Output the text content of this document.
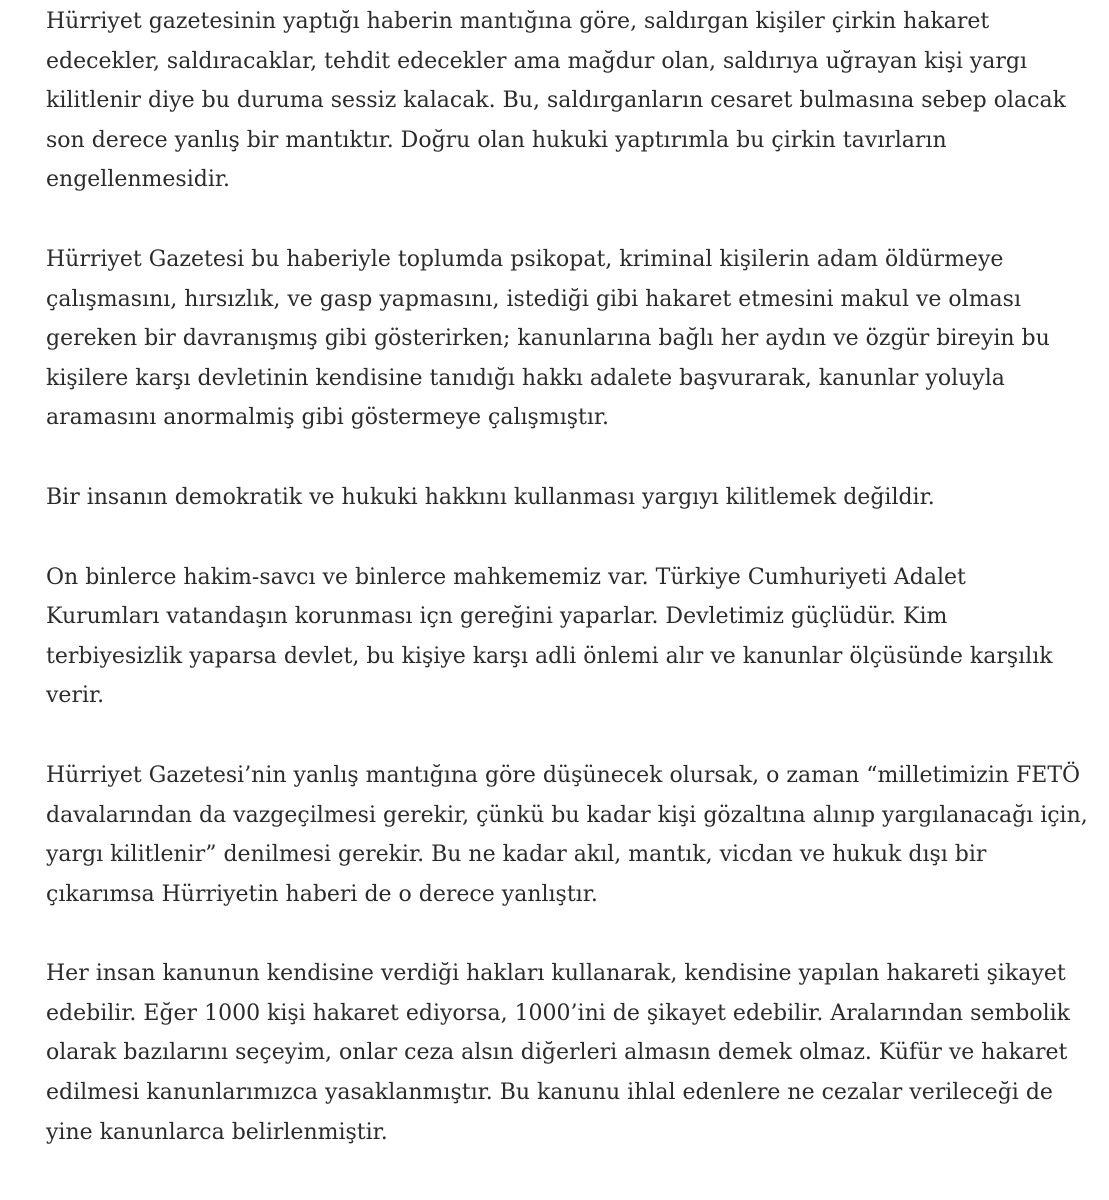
Hürriyet gazetesinin yaptığı haberin mantığına göre, saldırgan kişiler çirkin hakaret
edecekler, saldıracaklar, tehdit edecekler ama mağdur olan, saldırıya uğrayan kişi yargı
kilitlenir diye bu duruma sessiz kalacak. Bu, saldırganların cesaret bulmasına sebep olacak
son derece yanlış bir mantıktır. Doğru olan hukuki yaptırımla bu çirkin tavırların
engellenmesidir.

Hürriyet Gazetesi bu haberiyle toplumda psikopat, kriminal kişilerin adam öldürmeye
çalışmasını, hırsızlık, ve gasp yapmasını, istediği gibi hakaret etmesini makul ve olması
gereken bir davranışmış gibi gösterirken; kanunlarına bağlı her aydın ve özgür bireyin bu
kişilere karşı devletinin kendisine tanıdığı hakkı adalete başvurarak, kanunlar yoluyla
aramasını anormalmiş gibi göstermeye çalışmıştır.

Bir insanın demokratik ve hukuki hakkını kullanması yargıyı kilitlemek değildir.

On binlerce hakim-savcı ve binlerce mahkememiz var. Türkiye Cumhuriyeti Adalet
Kurumları vatandaşın korunması içn gereğini yaparlar. Devletimiz güçlüdür. Kim
terbiyesizlik yaparsa devlet, bu kişiye karşı adli önlemi alır ve kanunlar ölçüsünde karşılık
verir.

Hürriyet Gazetesi’nin yanlış mantığına göre düşünecek olursak, o zaman “milletimizin FETÖ
davalarından da vazgeçilmesi gerekir, çünkü bu kadar kişi gözaltına alınıp yargılanacağı için,
yargı kilitlenir” denilmesi gerekir. Bu ne kadar akıl, mantık, vicdan ve hukuk dışı bir
çıkarımsa Hürriyetin haberi de o derece yanlıştır.

Her insan kanunun kendisine verdiği hakları kullanarak, kendisine yapılan hakareti şikayet
edebilir. Eğer 1000 kişi hakaret ediyorsa, 1000’ini de şikayet edebilir. Aralarından sembolik
olarak bazılarını seçeyim, onlar ceza alsın diğerleri almasın demek olmaz. Küfür ve hakaret
edilmesi kanunlarımızca yasaklanmıştır. Bu kanunu ihlal edenlere ne cezalar verileceği de
yine kanunlarca belirlenmiştir.
